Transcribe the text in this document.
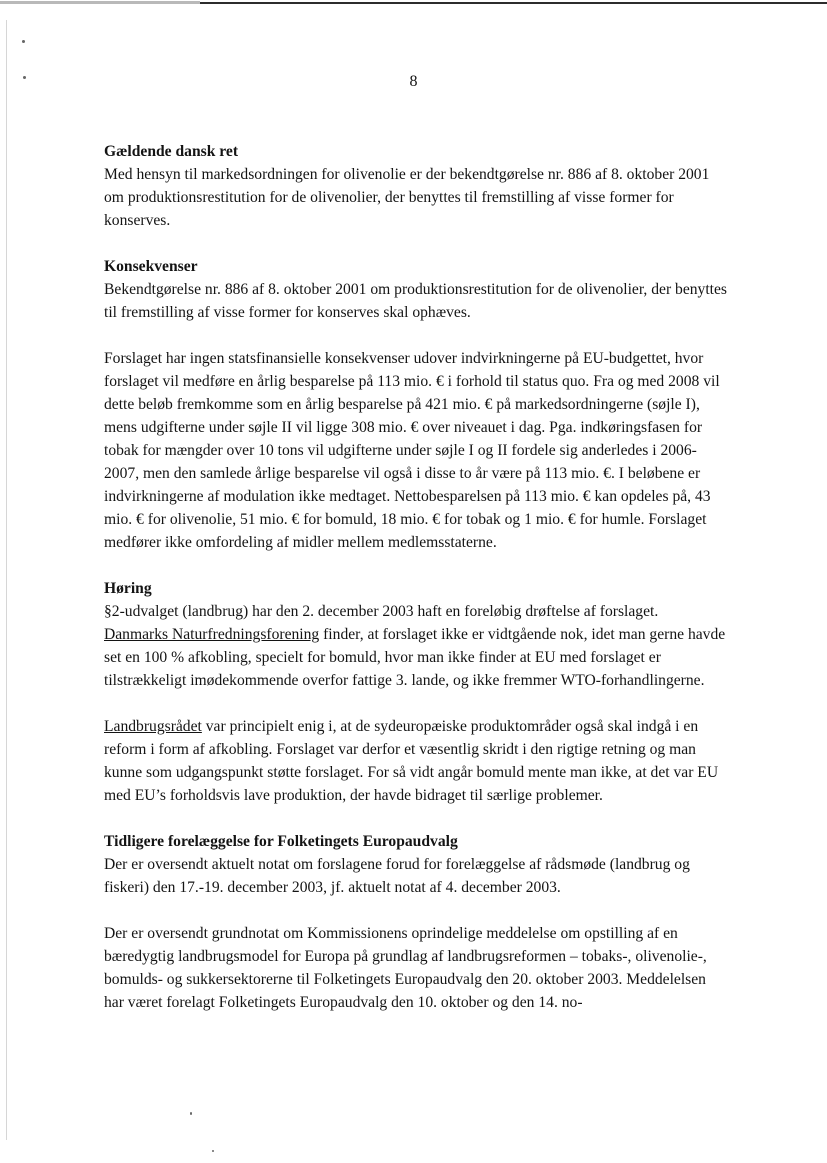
8

Gældende dansk ret

Med hensyn til markedsordningen for olivenolie er der bekendtgørelse nr. 886 af 8. oktober 2001 om produktionsrestitution for de olivenolier, der benyttes til fremstilling af visse former for konserves.

Konsekvenser

Bekendtgørelse nr. 886 af 8. oktober 2001 om produktionsrestitution for de olivenolier, der benyttes til fremstilling af visse former for konserves skal ophæves.

Forslaget har ingen statsfinansielle konsekvenser udover indvirkningerne på EU-budgettet, hvor forslaget vil medføre en årlig besparelse på 113 mio. € i forhold til status quo. Fra og med 2008 vil dette beløb fremkomme som en årlig besparelse på 421 mio. € på markedsordningerne (søjle I), mens udgifterne under søjle II vil ligge 308 mio. € over niveauet i dag. Pga. indkøringsfasen for tobak for mængder over 10 tons vil udgifterne under søjle I og II fordele sig anderledes i 2006-2007, men den samlede årlige besparelse vil også i disse to år være på 113 mio. €. I beløbene er indvirkningerne af modulation ikke medtaget. Nettobesparelsen på 113 mio. € kan opdeles på, 43 mio. € for olivenolie, 51 mio. € for bomuld, 18 mio. € for tobak og 1 mio. € for humle. Forslaget medfører ikke omfordeling af midler mellem medlemsstaterne.

Høring

§2-udvalget (landbrug) har den 2. december 2003 haft en foreløbig drøftelse af forslaget.

Danmarks Naturfredningsforening finder, at forslaget ikke er vidtgående nok, idet man gerne havde set en 100 % afkobling, specielt for bomuld, hvor man ikke finder at EU med forslaget er tilstrækkeligt imødekommende overfor fattige 3. lande, og ikke fremmer WTO-forhandlingerne.

Landbrugsrådet var principielt enig i, at de sydeuropæiske produktområder også skal indgå i en reform i form af afkobling. Forslaget var derfor et væsentlig skridt i den rigtige retning og man kunne som udgangspunkt støtte forslaget. For så vidt angår bomuld mente man ikke, at det var EU med EU’s forholdsvis lave produktion, der havde bidraget til særlige problemer.

Tidligere forelæggelse for Folketingets Europaudvalg

Der er oversendt aktuelt notat om forslagene forud for forelæggelse af rådsmøde (landbrug og fiskeri) den 17.-19. december 2003, jf. aktuelt notat af 4. december 2003.

Der er oversendt grundnotat om Kommissionens oprindelige meddelelse om opstilling af en bæredygtig landbrugsmodel for Europa på grundlag af landbrugsreformen – tobaks-, olivenolie-, bomulds- og sukkersektorerne til Folketingets Europaudvalg den 20. oktober 2003. Meddelelsen har været forelagt Folketingets Europaudvalg den 10. oktober og den 14. no-
